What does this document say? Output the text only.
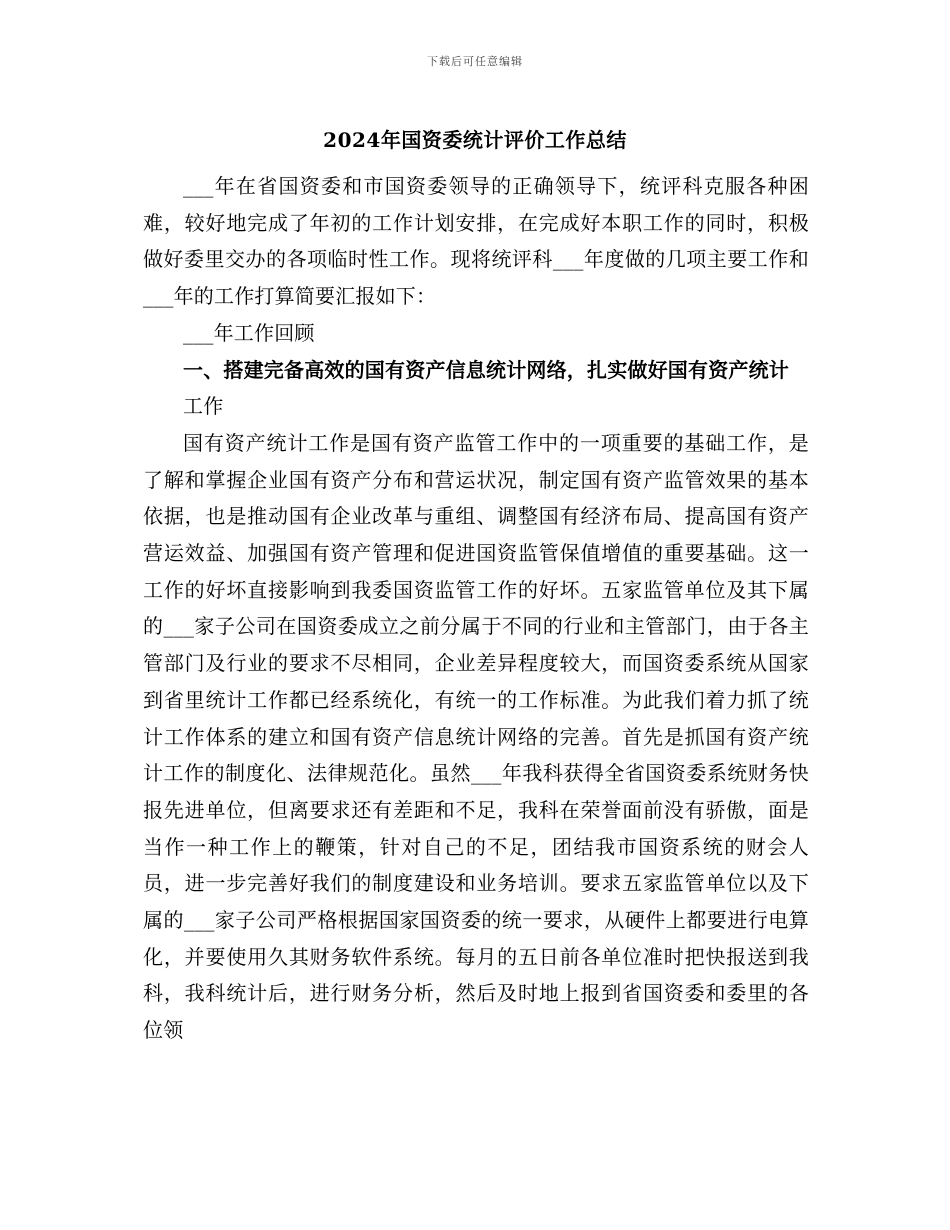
下载后可任意编辑
2024年国资委统计评价工作总结

___年在省国资委和市国资委领导的正确领导下，统评科克服各种困难，较好地完成了年初的工作计划安排，在完成好本职工作的同时，积极做好委里交办的各项临时性工作。现将统评科___年度做的几项主要工作和___年的工作打算简要汇报如下：

___年工作回顾

一、搭建完备高效的国有资产信息统计网络，扎实做好国有资产统计

工作

国有资产统计工作是国有资产监管工作中的一项重要的基础工作，是了解和掌握企业国有资产分布和营运状况，制定国有资产监管效果的基本依据，也是推动国有企业改革与重组、调整国有经济布局、提高国有资产营运效益、加强国有资产管理和促进国资监管保值增值的重要基础。这一工作的好坏直接影响到我委国资监管工作的好坏。五家监管单位及其下属的___家子公司在国资委成立之前分属于不同的行业和主管部门，由于各主管部门及行业的要求不尽相同，企业差异程度较大，而国资委系统从国家到省里统计工作都已经系统化，有统一的工作标准。为此我们着力抓了统计工作体系的建立和国有资产信息统计网络的完善。首先是抓国有资产统计工作的制度化、法律规范化。虽然___年我科获得全省国资委系统财务快报先进单位，但离要求还有差距和不足，我科在荣誉面前没有骄傲，面是当作一种工作上的鞭策，针对自己的不足，团结我市国资系统的财会人员，进一步完善好我们的制度建设和业务培训。要求五家监管单位以及下属的___家子公司严格根据国家国资委的统一要求，从硬件上都要进行电算化，并要使用久其财务软件系统。每月的五日前各单位准时把快报送到我科，我科统计后，进行财务分析，然后及时地上报到省国资委和委里的各位领
